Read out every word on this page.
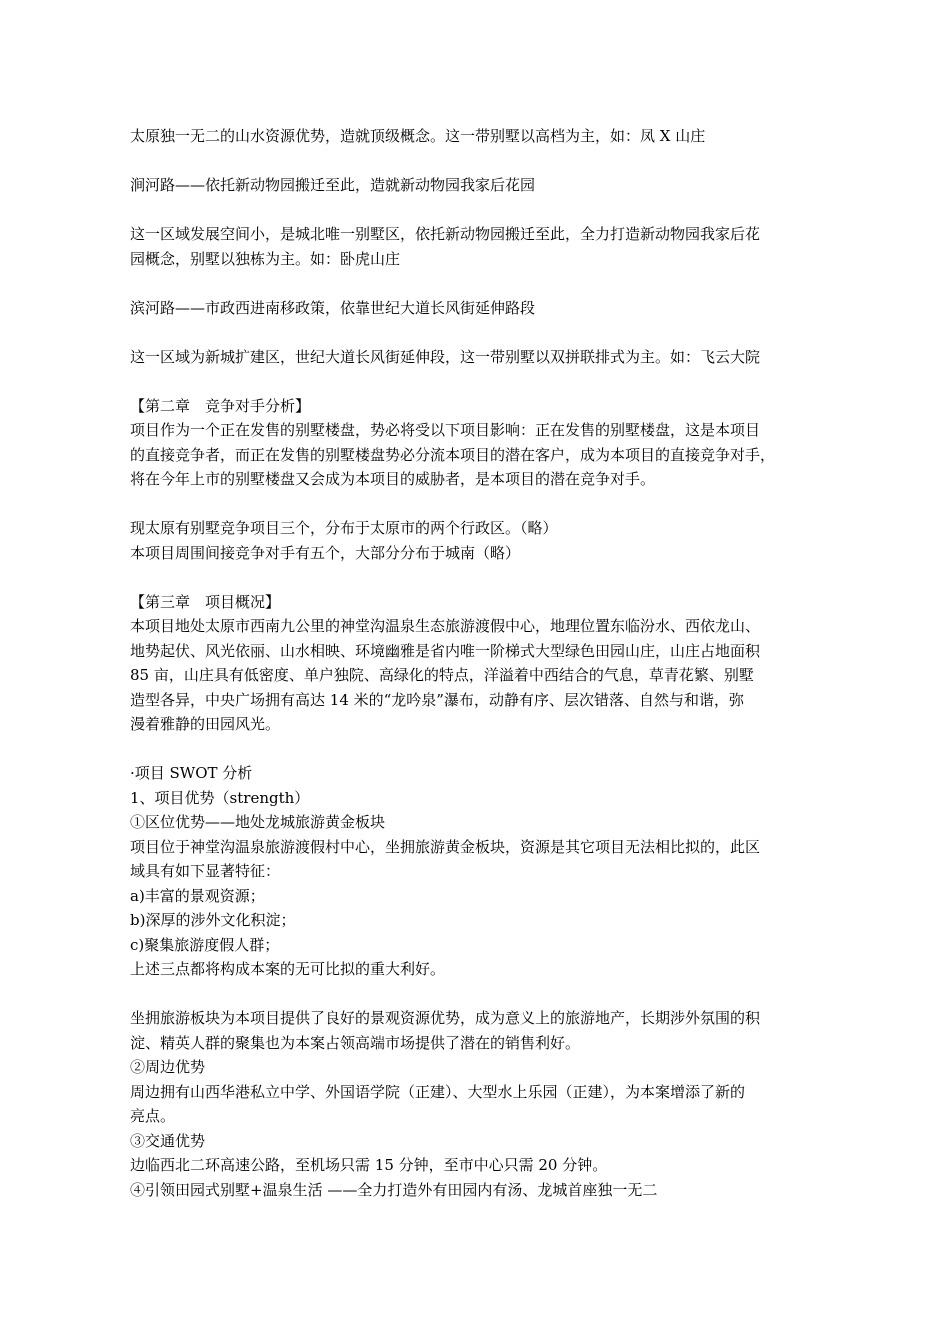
太原独一无二的山水资源优势，造就顶级概念。这一带别墅以高档为主，如：凤 X 山庄
涧河路——依托新动物园搬迁至此，造就新动物园我家后花园
这一区域发展空间小，是城北唯一别墅区，依托新动物园搬迁至此，全力打造新动物园我家后花
园概念，别墅以独栋为主。如：卧虎山庄
滨河路——市政西进南移政策，依靠世纪大道长风街延伸路段
这一区域为新城扩建区，世纪大道长风街延伸段，这一带别墅以双拼联排式为主。如：飞云大院
【第二章　竞争对手分析】
项目作为一个正在发售的别墅楼盘，势必将受以下项目影响：正在发售的别墅楼盘，这是本项目
的直接竞争者，而正在发售的别墅楼盘势必分流本项目的潜在客户，成为本项目的直接竞争对手，
将在今年上市的别墅楼盘又会成为本项目的威胁者，是本项目的潜在竞争对手。
现太原有别墅竞争项目三个，分布于太原市的两个行政区。（略）
本项目周围间接竞争对手有五个，大部分分布于城南（略）
【第三章　项目概况】
本项目地处太原市西南九公里的神堂沟温泉生态旅游渡假中心，地理位置东临汾水、西依龙山、
地势起伏、风光依丽、山水相映、环境幽雅是省内唯一阶梯式大型绿色田园山庄，山庄占地面积
85 亩，山庄具有低密度、单户独院、高绿化的特点，洋溢着中西结合的气息，草青花繁、别墅
造型各异，中央广场拥有高达 14 米的“龙吟泉”瀑布，动静有序、层次错落、自然与和谐，弥
漫着雅静的田园风光。
·项目 SWOT 分析
1、项目优势（strength）
①区位优势——地处龙城旅游黄金板块
项目位于神堂沟温泉旅游渡假村中心，坐拥旅游黄金板块，资源是其它项目无法相比拟的，此区
域具有如下显著特征：
a)丰富的景观资源；
b)深厚的涉外文化积淀；
c)聚集旅游度假人群；
上述三点都将构成本案的无可比拟的重大利好。
坐拥旅游板块为本项目提供了良好的景观资源优势，成为意义上的旅游地产，长期涉外氛围的积
淀、精英人群的聚集也为本案占领高端市场提供了潜在的销售利好。
②周边优势
周边拥有山西华港私立中学、外国语学院（正建）、大型水上乐园（正建），为本案增添了新的
亮点。
③交通优势
边临西北二环高速公路，至机场只需 15 分钟，至市中心只需 20 分钟。
④引领田园式别墅+温泉生活 ——全力打造外有田园内有汤、龙城首座独一无二
